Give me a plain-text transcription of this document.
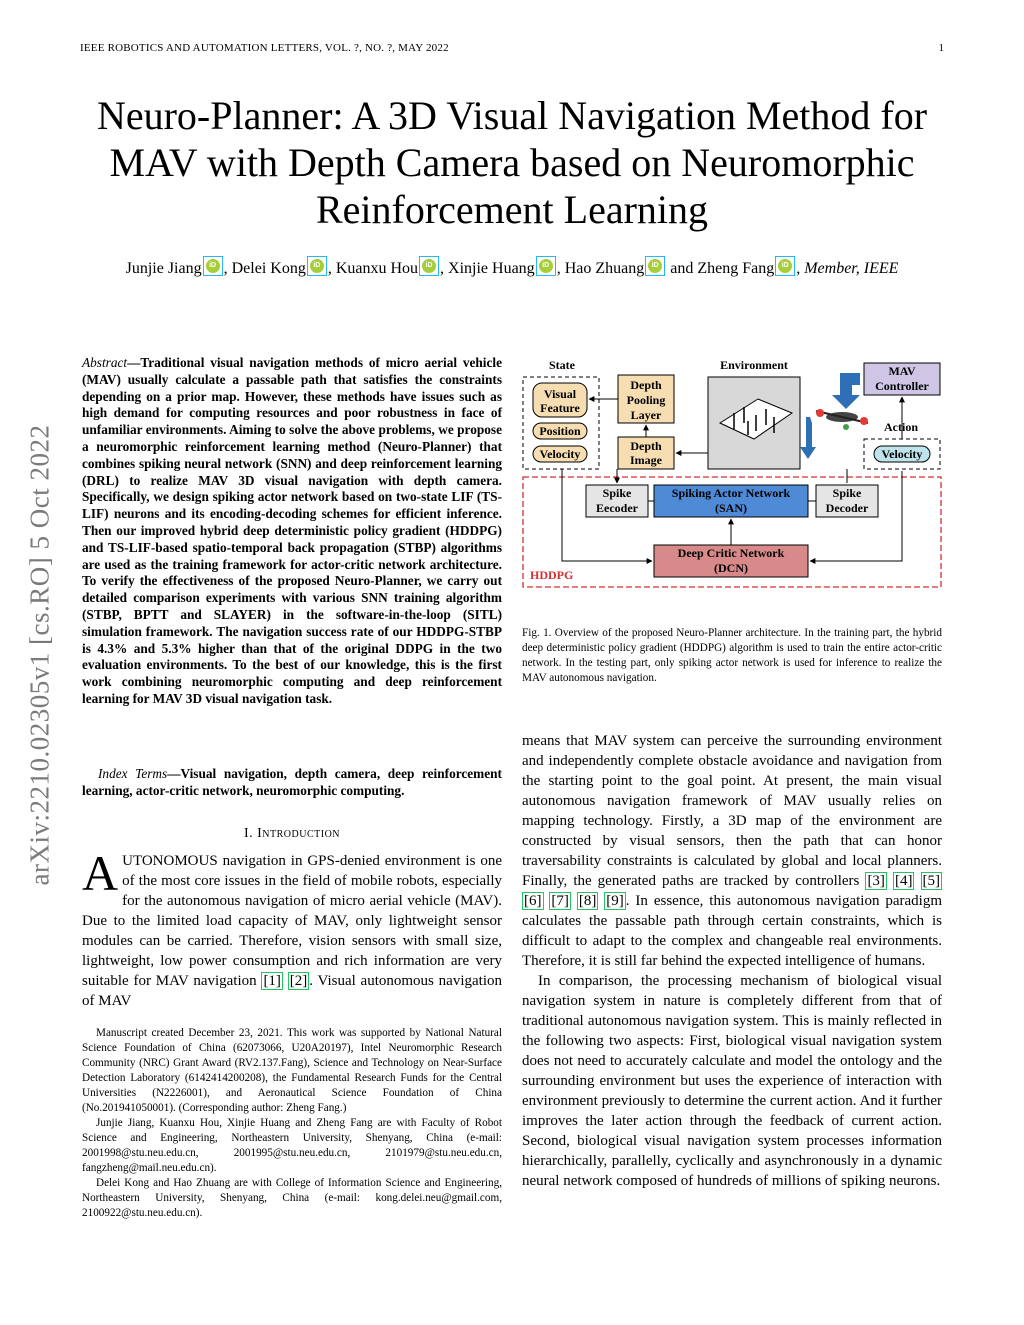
IEEE ROBOTICS AND AUTOMATION LETTERS, VOL. ?, NO. ?, MAY 2022	1
Neuro-Planner: A 3D Visual Navigation Method for MAV with Depth Camera based on Neuromorphic Reinforcement Learning
Junjie Jiang iD , Delei Kong iD , Kuanxu Hou iD , Xinjie Huang iD , Hao ZhuangiD and Zheng Fang iD , Member, IEEE
arXiv:2210.02305v1 [cs.RO] 5 Oct 2022
Abstract—Traditional visual navigation methods of micro aerial vehicle (MAV) usually calculate a passable path that satisfies the constraints depending on a prior map. However, these methods have issues such as high demand for computing resources and poor robustness in face of unfamiliar environments. Aiming to solve the above problems, we propose a neuromorphic reinforcement learning method (Neuro-Planner) that combines spiking neural network (SNN) and deep reinforcement learning (DRL) to realize MAV 3D visual navigation with depth camera. Specifically, we design spiking actor network based on two-state LIF (TS-LIF) neurons and its encoding-decoding schemes for efficient inference. Then our improved hybrid deep deterministic policy gradient (HDDPG) and TS-LIF-based spatio-temporal back propagation (STBP) algorithms are used as the training framework for actor-critic network architecture. To verify the effectiveness of the proposed Neuro-Planner, we carry out detailed comparison experiments with various SNN training algorithm (STBP, BPTT and SLAYER) in the software-in-the-loop (SITL) simulation framework. The navigation success rate of our HDDPG-STBP is 4.3% and 5.3% higher than that of the original DDPG in the two evaluation environments. To the best of our knowledge, this is the first work combining neuromorphic computing and deep reinforcement learning for MAV 3D visual navigation task.
Index Terms—Visual navigation, depth camera, deep reinforcement learning, actor-critic network, neuromorphic computing.
I. Introduction
AUTONOMOUS navigation in GPS-denied environment is one of the most core issues in the field of mobile robots, especially for the autonomous navigation of micro aerial vehicle (MAV). Due to the limited load capacity of MAV, only lightweight sensor modules can be carried. Therefore, vision sensors with small size, lightweight, low power consumption and rich information are very suitable for MAV navigation [1] [2] . Visual autonomous navigation of MAV

Manuscript created December 23, 2021. This work was supported by National Natural Science Foundation of China (62073066, U20A20197), Intel Neuromorphic Research Community (NRC) Grant Award (RV2.137.Fang), Science and Technology on Near-Surface Detection Laboratory (6142414200208), the Fundamental Research Funds for the Central Universities (N2226001), and Aeronautical Science Foundation of China (No.201941050001). (Corresponding author: Zheng Fang.)

Junjie Jiang, Kuanxu Hou, Xinjie Huang and Zheng Fang are with Faculty of Robot Science and Engineering, Northeastern University, Shenyang, China (e-mail: 2001998@stu.neu.edu.cn, 2001995@stu.neu.edu.cn, 2101979@stu.neu.edu.cn, fangzheng@mail.neu.edu.cn).

Delei Kong and Hao Zhuang are with College of Information Science and Engineering, Northeastern University, Shenyang, China (e-mail: kong.delei.neu@gmail.com, 2100922@stu.neu.edu.cn).

State
Visual Feature
Position
Velocity
Depth Pooling Layer
Depth Image
Environment	MAV Controller
Action
Velocity
HDDPG
Spike Eecoder
Spiking Actor Network (SAN)
Spike Decoder
Deep Critic Network (DCN)
Fig. 1. Overview of the proposed Neuro-Planner architecture. In the training part, the hybrid deep deterministic policy gradient (HDDPG) algorithm is used to train the entire actor-critic network. In the testing part, only spiking actor network is used for inference to realize the MAV autonomous navigation.

means that MAV system can perceive the surrounding environment and independently complete obstacle avoidance and navigation from the starting point to the goal point. At present, the main visual autonomous navigation framework of MAV usually relies on mapping technology. Firstly, a 3D map of the environment are constructed by visual sensors, then the path that can honor traversability constraints is calculated by global and local planners. Finally, the generated paths are tracked by controllers [3] [4] [5] [6] [7] [8] [9] . In essence, this autonomous navigation paradigm calculates the passable path through certain constraints, which is difficult to adapt to the complex and changeable real environments. Therefore, it is still far behind the expected intelligence of humans.

In comparison, the processing mechanism of biological visual navigation system in nature is completely different from that of traditional autonomous navigation system. This is mainly reflected in the following two aspects: First, biological visual navigation system does not need to accurately calculate and model the ontology and the surrounding environment but uses the experience of interaction with environment previously to determine the current action. And it further improves the later action through the feedback of current action. Second, biological visual navigation system processes information hierarchically, parallelly, cyclically and asynchronously in a dynamic neural network composed of hundreds of millions of spiking neurons.
